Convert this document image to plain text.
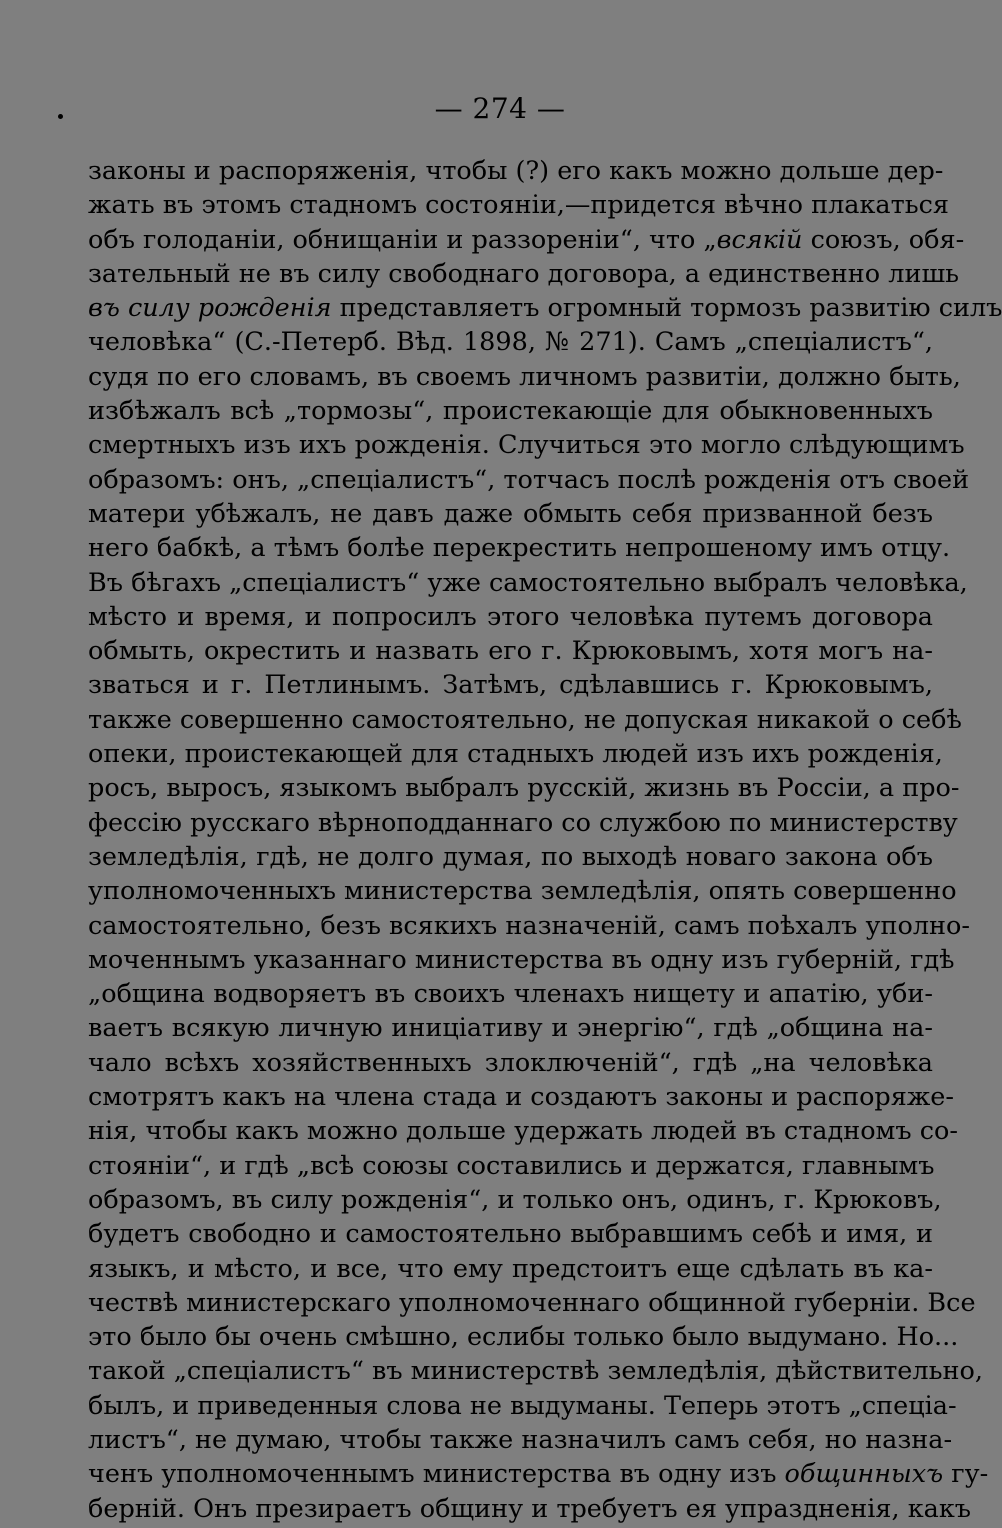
— 274 —
законы и распоряженія, чтобы (?) его какъ можно дольше дер-
жать въ этомъ стадномъ состояніи,—придется вѣчно плакаться
объ голоданіи, обнищаніи и раззореніи“, что „всякій союзъ, обя-
зательный не въ силу свободнаго договора, а единственно лишь
въ силу рожденія представляетъ огромный тормозъ развитію силъ
человѣка“ (С.-Петерб. Вѣд. 1898, № 271). Самъ „спеціалистъ“,
судя по его словамъ, въ своемъ личномъ развитіи, должно быть,
избѣжалъ всѣ „тормозы“, проистекающіе для обыкновенныхъ
смертныхъ изъ ихъ рожденія. Случиться это могло слѣдующимъ
образомъ: онъ, „спеціалистъ“, тотчасъ послѣ рожденія отъ своей
матери убѣжалъ, не давъ даже обмыть себя призванной безъ
него бабкѣ, а тѣмъ болѣе перекрестить непрошеному имъ отцу.
Въ бѣгахъ „спеціалистъ“ уже самостоятельно выбралъ человѣка,
мѣсто и время, и попросилъ этого человѣка путемъ договора
обмыть, окрестить и назвать его г. Крюковымъ, хотя могъ на-
зваться и г. Петлинымъ. Затѣмъ, сдѣлавшись г. Крюковымъ,
также совершенно самостоятельно, не допуская никакой о себѣ
опеки, проистекающей для стадныхъ людей изъ ихъ рожденія,
росъ, выросъ, языкомъ выбралъ русскій, жизнь въ Россіи, а про-
фессію русскаго вѣрноподданнаго со службою по министерству
земледѣлія, гдѣ, не долго думая, по выходѣ новаго закона объ
уполномоченныхъ министерства земледѣлія, опять совершенно
самостоятельно, безъ всякихъ назначеній, самъ поѣхалъ уполно-
моченнымъ указаннаго министерства въ одну изъ губерній, гдѣ
„община водворяетъ въ своихъ членахъ нищету и апатію, уби-
ваетъ всякую личную иниціативу и энергію“, гдѣ „община на-
чало всѣхъ хозяйственныхъ злоключеній“, гдѣ „на человѣка
смотрятъ какъ на члена стада и создаютъ законы и распоряже-
нія, чтобы какъ можно дольше удержать людей въ стадномъ со-
стояніи“, и гдѣ „всѣ союзы составились и держатся, главнымъ
образомъ, въ силу рожденія“, и только онъ, одинъ, г. Крюковъ,
будетъ свободно и самостоятельно выбравшимъ себѣ и имя, и
языкъ, и мѣсто, и все, что ему предстоитъ еще сдѣлать въ ка-
чествѣ министерскаго уполномоченнаго общинной губерніи. Все
это было бы очень смѣшно, еслибы только было выдумано. Но...
такой „спеціалистъ“ въ министерствѣ земледѣлія, дѣйствительно,
былъ, и приведенныя слова не выдуманы. Теперь этотъ „спеціа-
листъ“, не думаю, чтобы также назначилъ самъ себя, но назна-
ченъ уполномоченнымъ министерства въ одну изъ общинныхъ гу-
берній. Онъ презираетъ общину и требуетъ ея упраздненія, какъ
